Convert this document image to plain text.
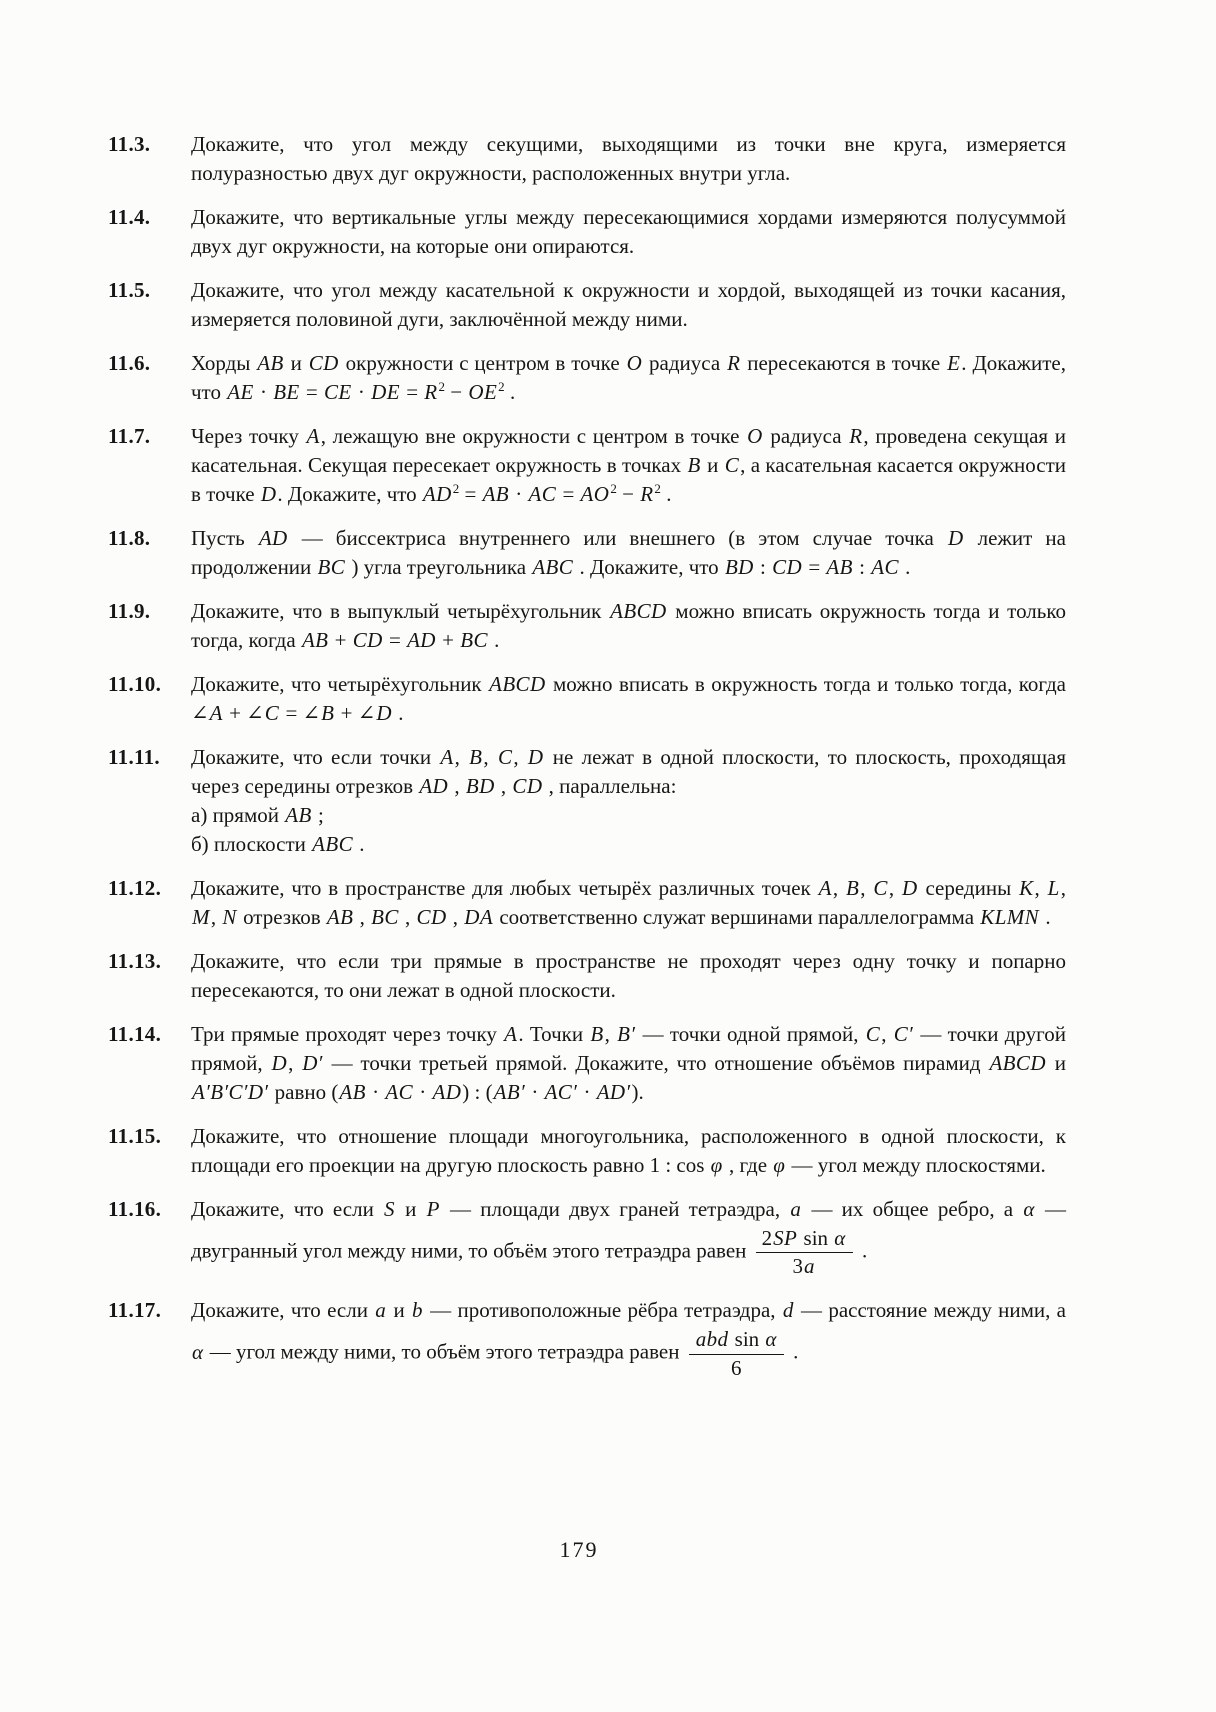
11.3.	Докажите, что угол между секущими, выходящими из точки вне круга, измеряется полуразностью двух дуг окружности, расположенных внутри угла.
11.4.	Докажите, что вертикальные углы между пересекающимися хордами измеряются полусуммой двух дуг окружности, на которые они опираются.
11.5.	Докажите, что угол между касательной к окружности и хордой, выходящей из точки касания, измеряется половиной дуги, заключённой между ними.
11.6.	Хорды AB и CD окружности с центром в точке O радиуса R пересекаются в точке E. Докажите, что AE · BE = CE · DE = $R^2 - OE^2$ .
11.7.	Через точку A, лежащую вне окружности с центром в точке O радиуса R, проведена секущая и касательная. Секущая пересекает окружность в точках B и C, а касательная касается окружности в точке D. Докажите, что $AD^2$ = AB · AC = $AO^2 - R^2$ .
11.8.	Пусть AD — биссектриса внутреннего или внешнего (в этом случае точка D лежит на продолжении BC ) угла треугольника ABC . Докажите, что BD : CD = AB : AC .
11.9.	Докажите, что в выпуклый четырёхугольник ABCD можно вписать окружность тогда и только тогда, когда AB + CD = AD + BC .
11.10.	Докажите, что четырёхугольник ABCD можно вписать в окружность тогда и только тогда, когда ∠A + ∠C = ∠B + ∠D .
11.11.	Докажите, что если точки A, B, C, D не лежат в одной плоскости, то плоскость, проходящая через середины отрезков AD , BD , CD , параллельна:
а) прямой AB ;
б) плоскости ABC .
11.12.	Докажите, что в пространстве для любых четырёх различных точек A, B, C, D середины K, L, M, N отрезков AB , BC , CD , DA соответственно служат вершинами параллелограмма KLMN .
11.13.	Докажите, что если три прямые в пространстве не проходят через одну точку и попарно пересекаются, то они лежат в одной плоскости.
11.14.	Три прямые проходят через точку A. Точки B, B′ — точки одной прямой, C, C′ — точки другой прямой, D, D′ — точки третьей прямой. Докажите, что отношение объёмов пирамид ABCD и A′B′C′D′ равно (AB · AC · AD) : (AB′ · AC′ · AD′).
11.15.	Докажите, что отношение площади многоугольника, расположенного в одной плоскости, к площади его проекции на другую плоскость равно 1 : cos φ , где φ — угол между плоскостями.
11.16.	Докажите, что если S и P — площади двух граней тетраэдра, a — их общее ребро, а α — двугранный угол между ними, то объём этого тетраэдра равен $\frac{\text{2SP sin α}}{3a}$ .
11.17.	Докажите, что если a и b — противоположные рёбра тетраэдра, d — расстояние между ними, а α — угол между ними, то объём этого тетраэдра равен $\frac{\text{abd sin α}}{6}$ .
179
